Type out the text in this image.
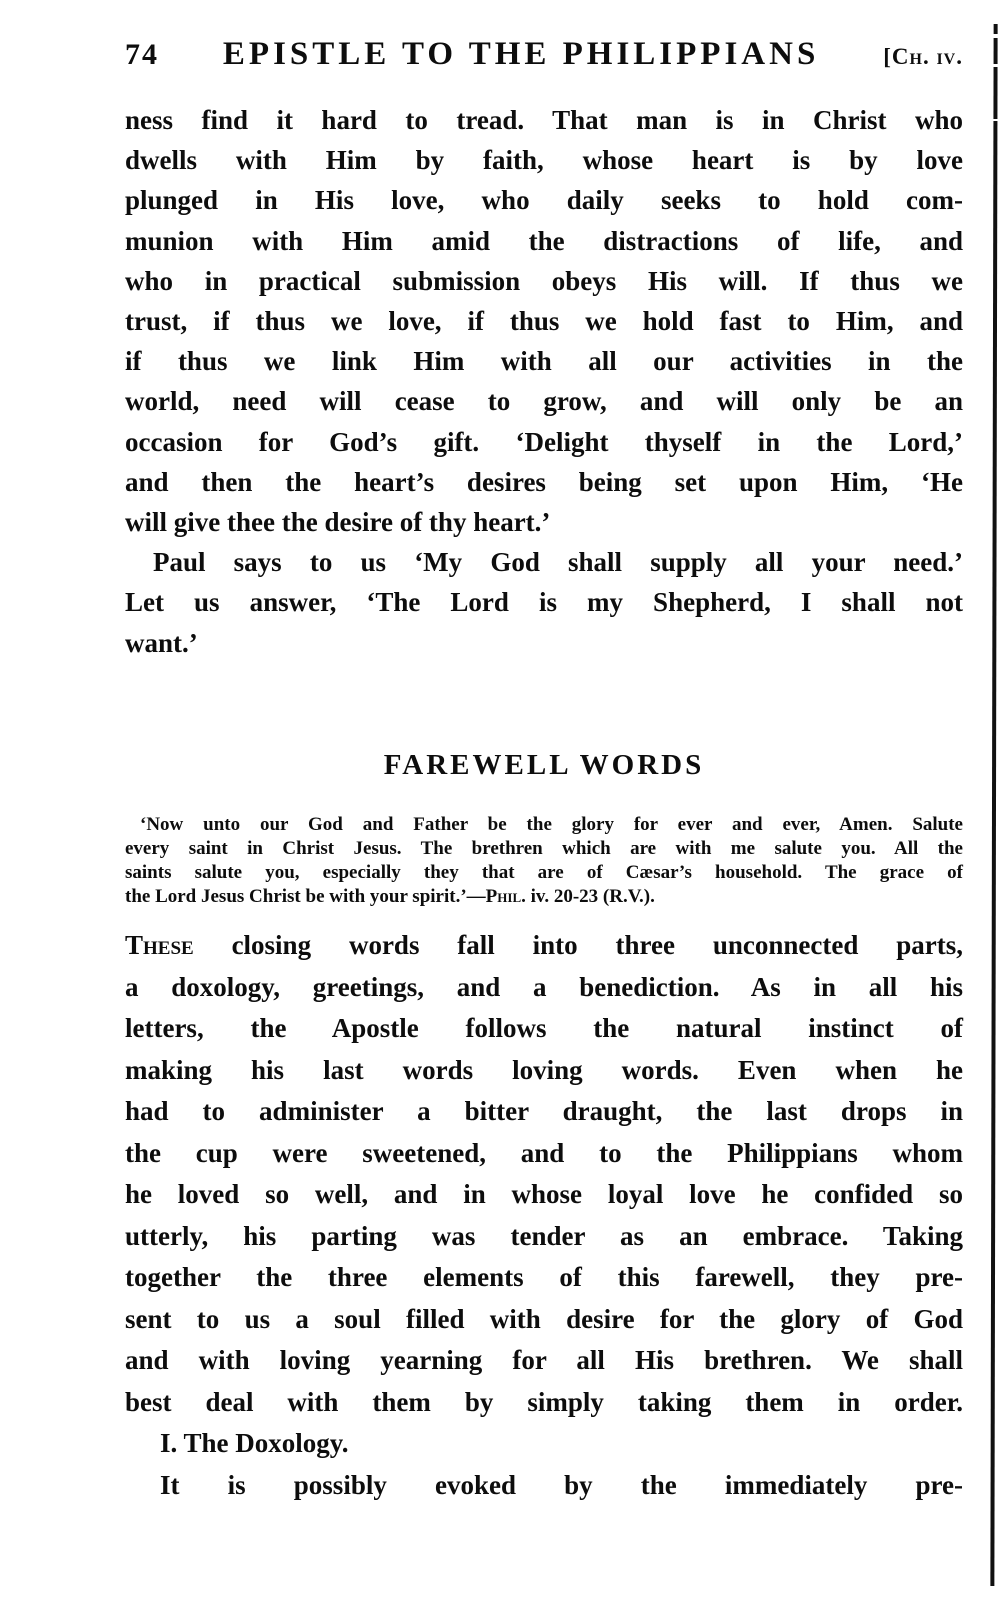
74 EPISTLE TO THE PHILIPPIANS	[Ch. iv.
ness find it hard to tread. That man is in Christ who
dwells with Him by faith, whose heart is by love
plunged in His love, who daily seeks to hold com-
munion with Him amid the distractions of life, and
who in practical submission obeys His will. If thus we
trust, if thus we love, if thus we hold fast to Him, and
if thus we link Him with all our activities in the
world, need will cease to grow, and will only be an
occasion for God’s gift. ‘Delight thyself in the Lord,’
and then the heart’s desires being set upon Him, ‘He
will give thee the desire of thy heart.’
Paul says to us ‘My God shall supply all your need.’
Let us answer, ‘The Lord is my Shepherd, I shall not
want.’
FAREWELL WORDS
‘Now unto our God and Father be the glory for ever and ever, Amen. Salute
every saint in Christ Jesus. The brethren which are with me salute you. All the
saints salute you, especially they that are of Cæsar’s household. The grace of
the Lord Jesus Christ be with your spirit.’—Phil. iv. 20-23 (R.V.).
These closing words fall into three unconnected parts,
a doxology, greetings, and a benediction. As in all his
letters, the Apostle follows the natural instinct of
making his last words loving words. Even when he
had to administer a bitter draught, the last drops in
the cup were sweetened, and to the Philippians whom
he loved so well, and in whose loyal love he confided so
utterly, his parting was tender as an embrace. Taking
together the three elements of this farewell, they pre-
sent to us a soul filled with desire for the glory of God
and with loving yearning for all His brethren. We shall
best deal with them by simply taking them in order.
I. The Doxology.
It is possibly evoked by the immediately pre-
